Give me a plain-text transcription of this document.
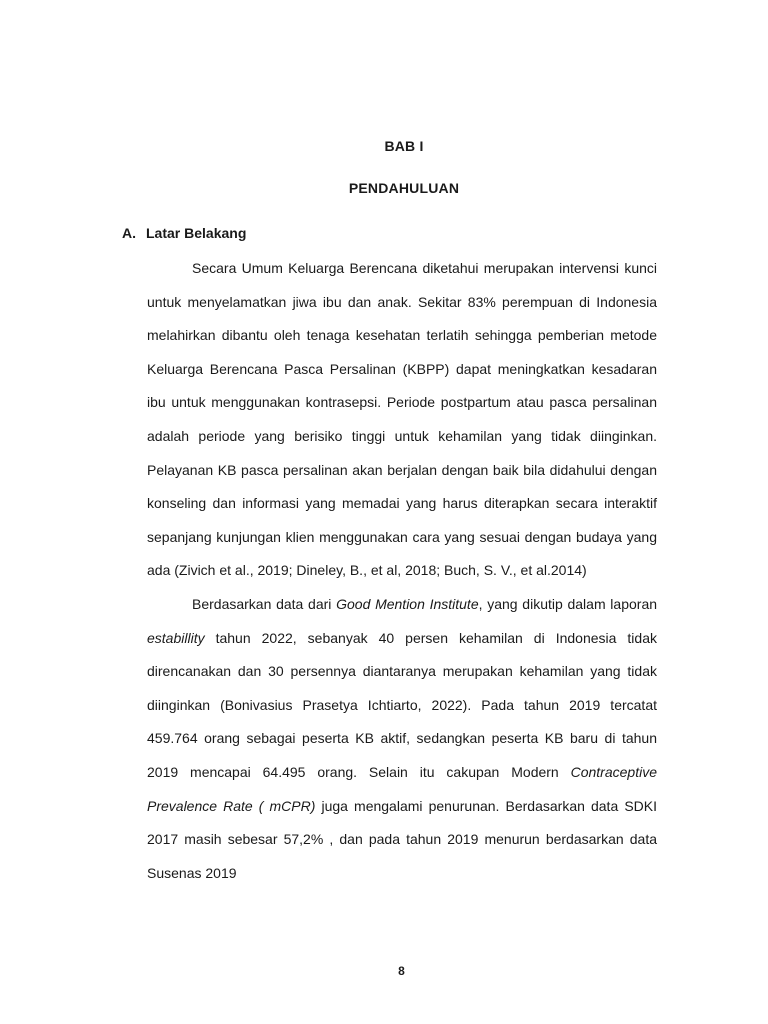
BAB I
PENDAHULUAN
A. Latar Belakang

Secara Umum Keluarga Berencana diketahui merupakan intervensi kunci untuk menyelamatkan jiwa ibu dan anak. Sekitar 83% perempuan di Indonesia melahirkan dibantu oleh tenaga kesehatan terlatih sehingga pemberian metode Keluarga Berencana Pasca Persalinan (KBPP) dapat meningkatkan kesadaran ibu untuk menggunakan kontrasepsi. Periode postpartum atau pasca persalinan adalah periode yang berisiko tinggi untuk kehamilan yang tidak diinginkan. Pelayanan KB pasca persalinan akan berjalan dengan baik bila didahului dengan konseling dan informasi yang memadai yang harus diterapkan secara interaktif sepanjang kunjungan klien menggunakan cara yang sesuai dengan budaya yang ada (Zivich et al., 2019; Dineley, B., et al, 2018; Buch, S. V., et al.2014)

Berdasarkan data dari Good Mention Institute, yang dikutip dalam laporan estabillity tahun 2022, sebanyak 40 persen kehamilan di Indonesia tidak direncanakan dan 30 persennya diantaranya merupakan kehamilan yang tidak diinginkan (Bonivasius Prasetya Ichtiarto, 2022). Pada tahun 2019 tercatat 459.764 orang sebagai peserta KB aktif, sedangkan peserta KB baru di tahun 2019 mencapai 64.495 orang. Selain itu cakupan Modern Contraceptive Prevalence Rate ( mCPR) juga mengalami penurunan. Berdasarkan data SDKI 2017 masih sebesar 57,2% , dan pada tahun 2019 menurun berdasarkan data Susenas 2019

8
